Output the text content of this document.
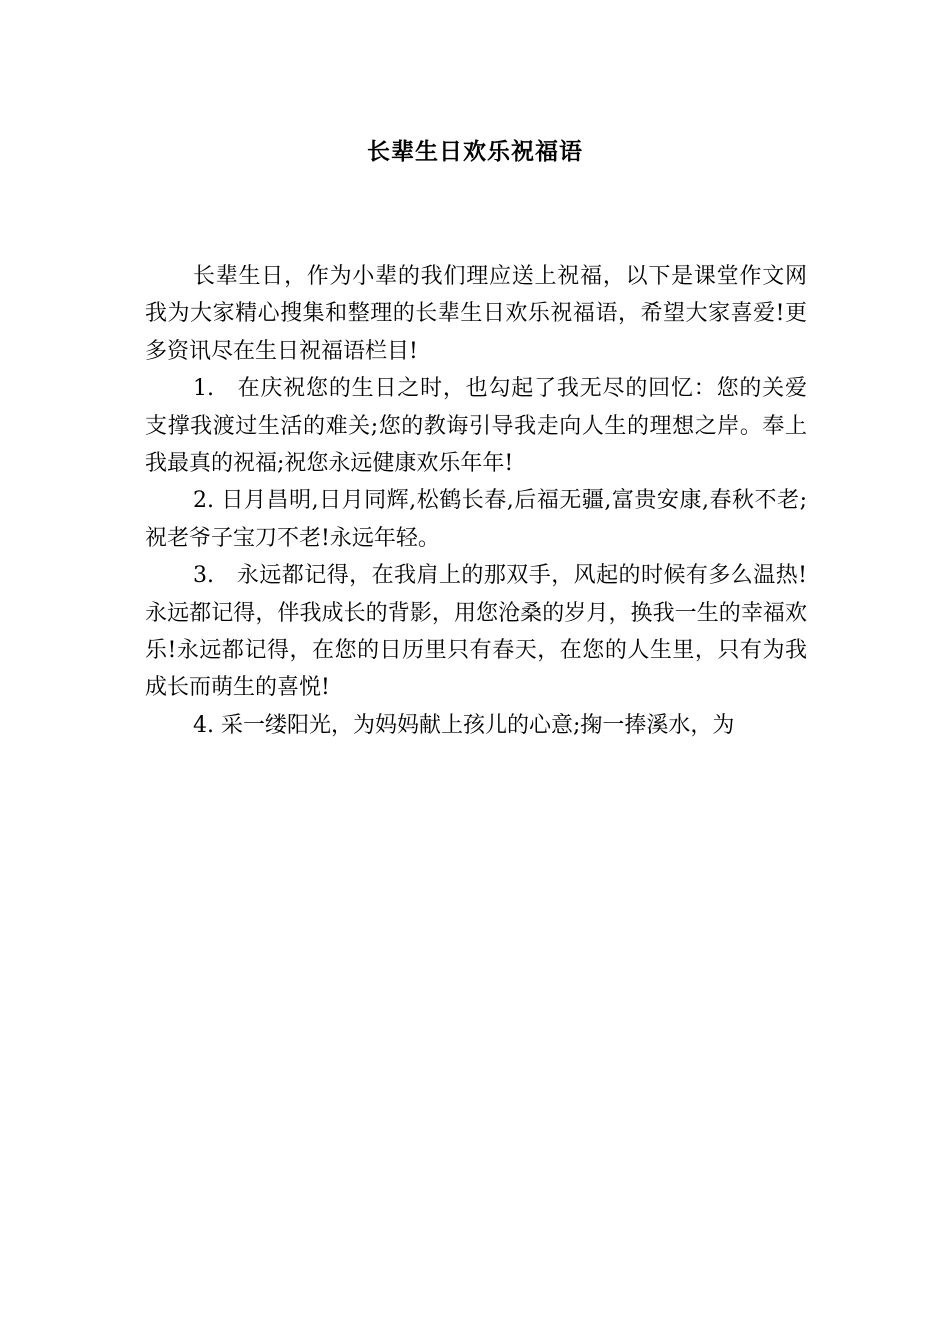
长辈生日欢乐祝福语

长辈生日，作为小辈的我们理应送上祝福，以下是课堂作文网我为大家精心搜集和整理的长辈生日欢乐祝福语，希望大家喜爱!更多资讯尽在生日祝福语栏目!

1.　在庆祝您的生日之时，也勾起了我无尽的回忆：您的关爱支撑我渡过生活的难关;您的教诲引导我走向人生的理想之岸。奉上我最真的祝福;祝您永远健康欢乐年年!

2. 日月昌明,日月同辉,松鹤长春,后福无疆,富贵安康,春秋不老;祝老爷子宝刀不老!永远年轻。

3.　永远都记得，在我肩上的那双手，风起的时候有多么温热!永远都记得，伴我成长的背影，用您沧桑的岁月，换我一生的幸福欢乐!永远都记得，在您的日历里只有春天，在您的人生里，只有为我成长而萌生的喜悦!

4. 采一缕阳光，为妈妈献上孩儿的心意;掬一捧溪水，为
